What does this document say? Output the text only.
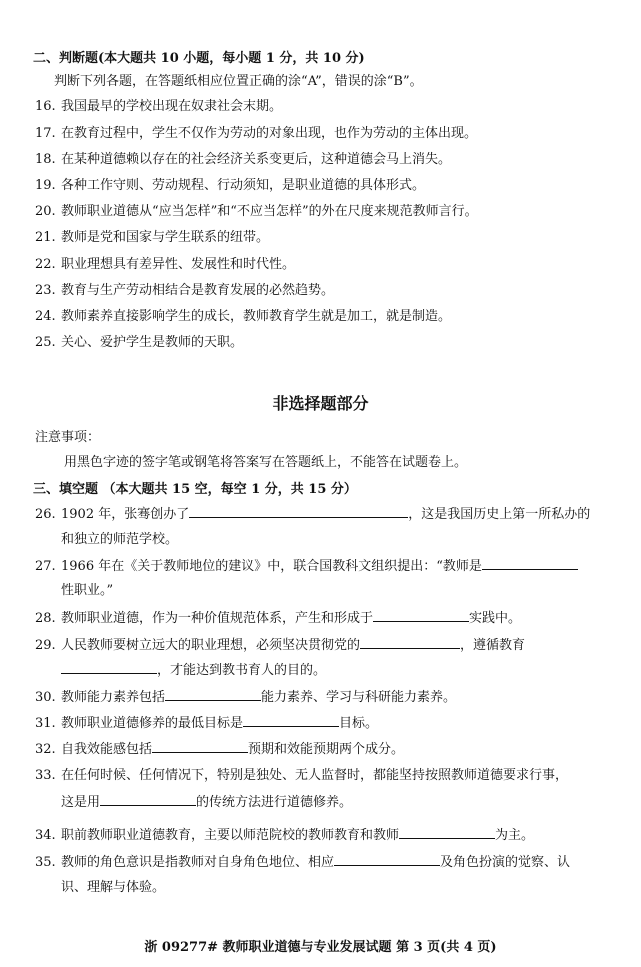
二、判断题(本大题共 10 小题，每小题 1 分，共 10 分)
判断下列各题，在答题纸相应位置正确的涂“A”，错误的涂“B”。
16. 我国最早的学校出现在奴隶社会末期。
17. 在教育过程中，学生不仅作为劳动的对象出现，也作为劳动的主体出现。
18. 在某种道德赖以存在的社会经济关系变更后，这种道德会马上消失。
19. 各种工作守则、劳动规程、行动须知，是职业道德的具体形式。
20. 教师职业道德从“应当怎样”和“不应当怎样”的外在尺度来规范教师言行。
21. 教师是党和国家与学生联系的纽带。
22. 职业理想具有差异性、发展性和时代性。
23. 教育与生产劳动相结合是教育发展的必然趋势。
24. 教师素养直接影响学生的成长，教师教育学生就是加工，就是制造。
25. 关心、爱护学生是教师的天职。
非选择题部分
注意事项：
用黑色字迹的签字笔或钢笔将答案写在答题纸上，不能答在试题卷上。
三、填空题 （本大题共 15 空，每空 1 分，共 15 分）
26. 1902 年，张骞创办了	，这是我国历史上第一所私办的
和独立的师范学校。
27. 1966 年在《关于教师地位的建议》中，联合国教科文组织提出：“教师是
性职业。”
28. 教师职业道德，作为一种价值规范体系，产生和形成于	实践中。
29. 人民教师要树立远大的职业理想，必须坚决贯彻党的	，遵循教育
，才能达到教书育人的目的。
30. 教师能力素养包括	能力素养、学习与科研能力素养。
31. 教师职业道德修养的最低目标是	目标。
32. 自我效能感包括	预期和效能预期两个成分。
33. 在任何时候、任何情况下，特别是独处、无人监督时，都能坚持按照教师道德要求行事，
这是用	的传统方法进行道德修养。
34. 职前教师职业道德教育，主要以师范院校的教师教育和教师	为主。
35. 教师的角色意识是指教师对自身角色地位、相应	及角色扮演的觉察、认
识、理解与体验。
浙 09277# 教师职业道德与专业发展试题 第 3 页(共 4 页)
